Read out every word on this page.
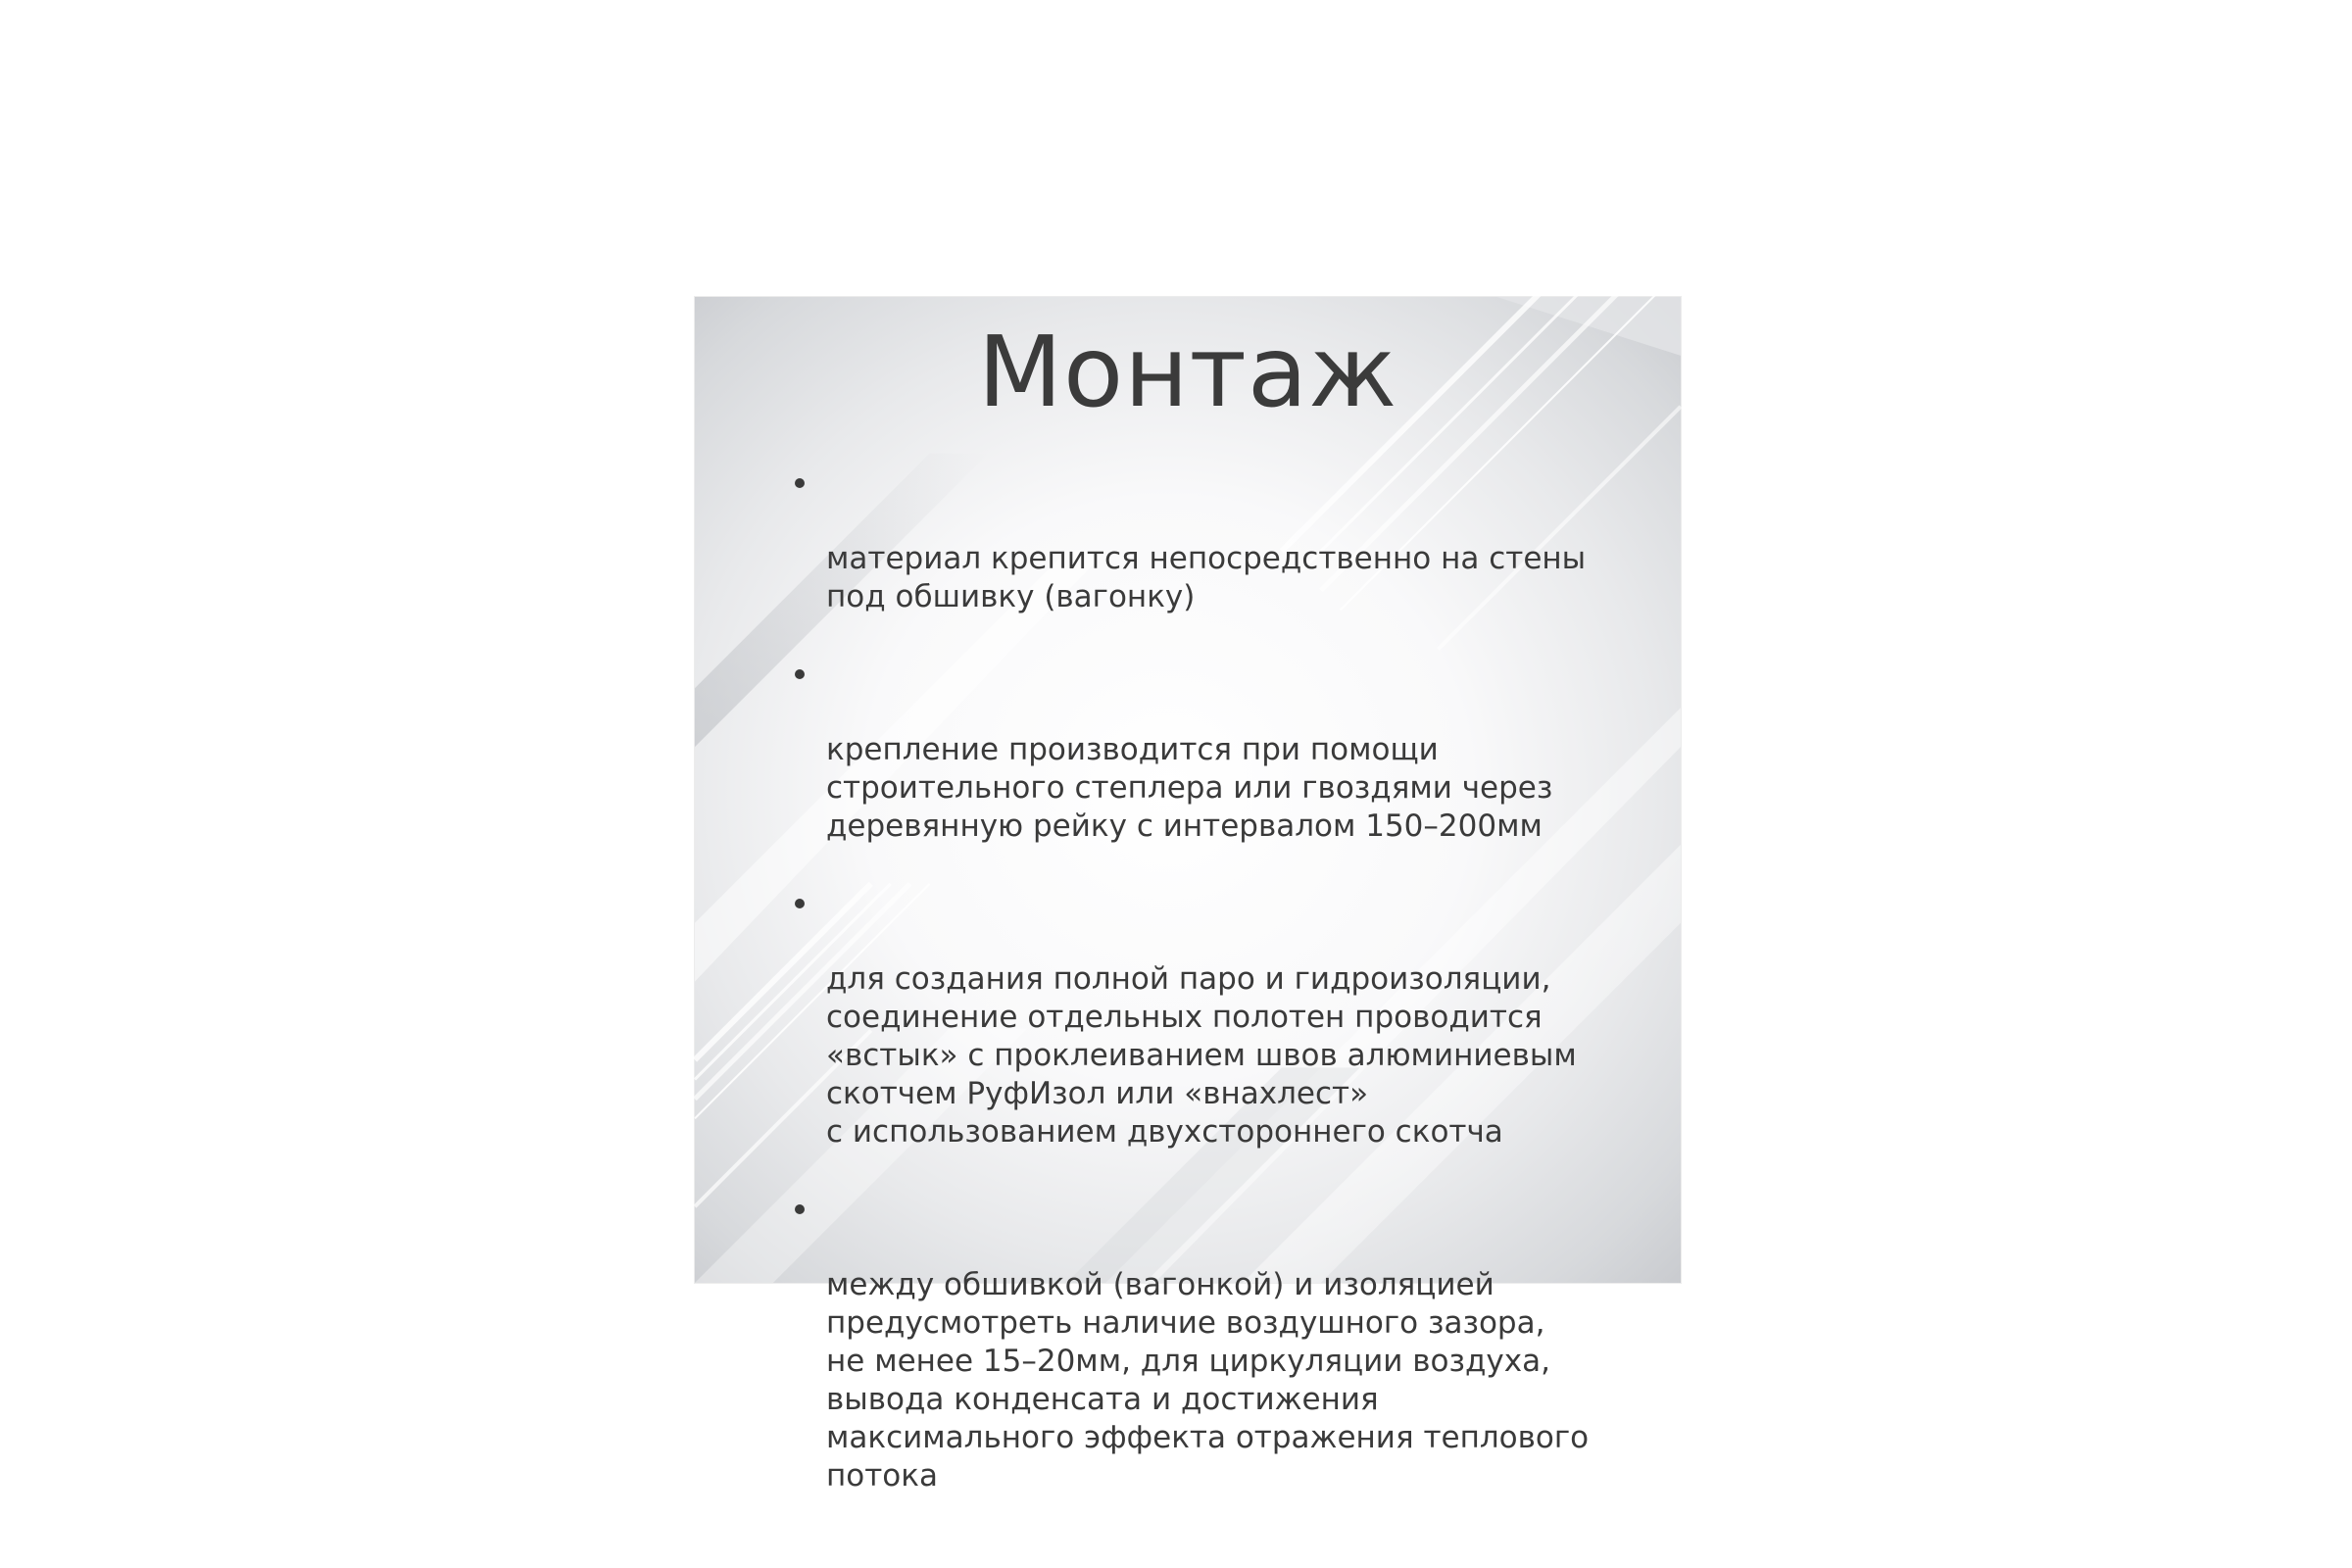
Монтаж

материал крепится непосредственно на стены
под обшивку (вагонку)

крепление производится при помощи
строительного степлера или гвоздями через
деревянную рейку с интервалом 150–200мм

для создания полной паро и гидроизоляции,
соединение отдельных полотен проводится
«встык» с проклеиванием швов алюминиевым
скотчем РуфИзол или «внахлест»
с использованием двухстороннего скотча

между обшивкой (вагонкой) и изоляцией
предусмотреть наличие воздушного зазора,
не менее 15–20мм, для циркуляции воздуха,
вывода конденсата и достижения
максимального эффекта отражения теплового
потока
